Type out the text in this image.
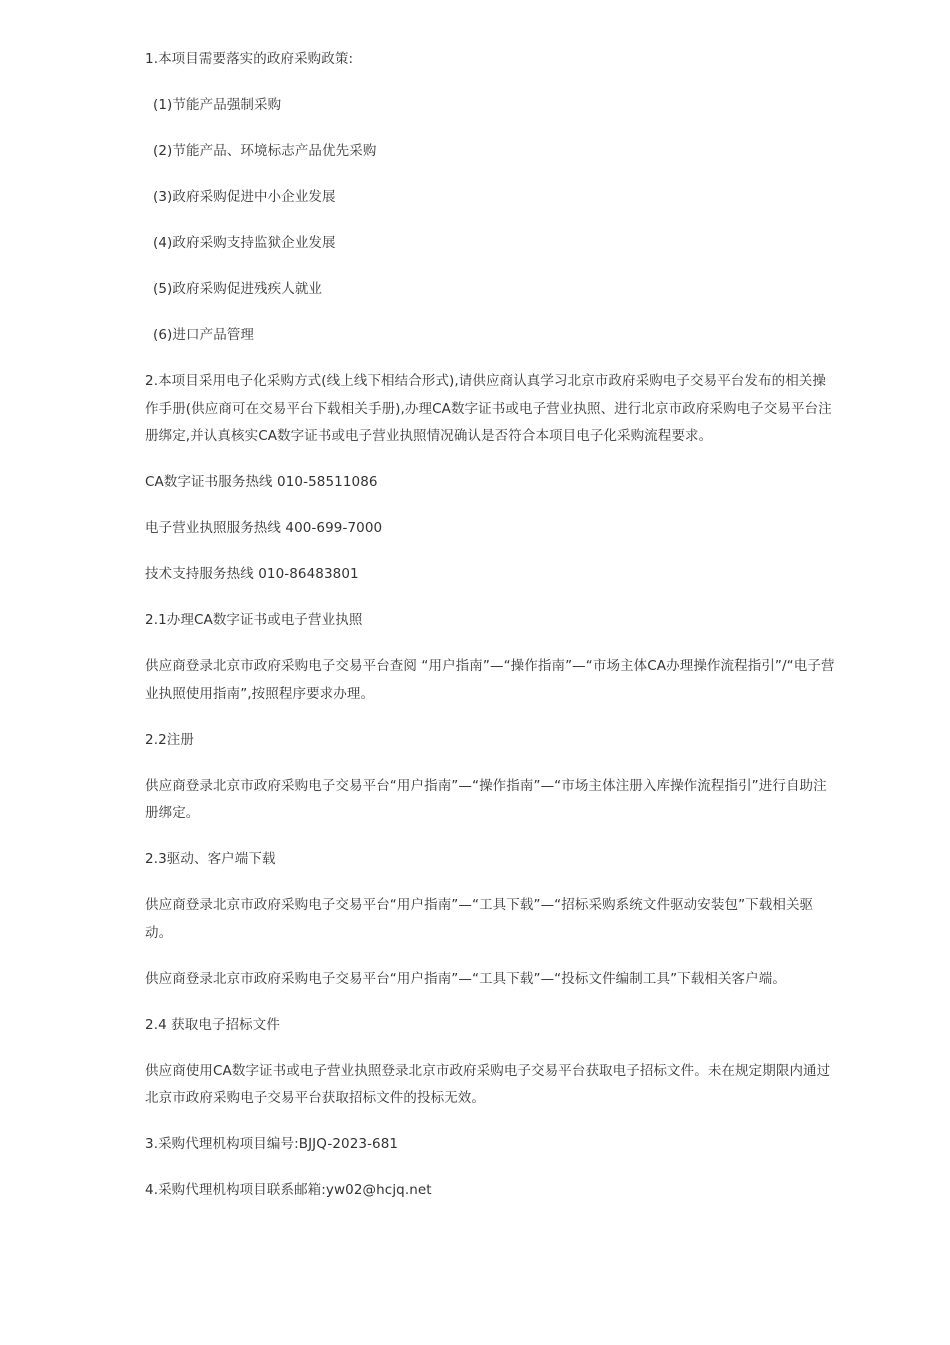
1.本项目需要落实的政府采购政策:

(1)节能产品强制采购

(2)节能产品、环境标志产品优先采购

(3)政府采购促进中小企业发展

(4)政府采购支持监狱企业发展

(5)政府采购促进残疾人就业

(6)进口产品管理

2.本项目采用电子化采购方式(线上线下相结合形式),请供应商认真学习北京市政府采购电子交易平台发布的相关操作手册(供应商可在交易平台下载相关手册),办理CA数字证书或电子营业执照、进行北京市政府采购电子交易平台注册绑定,并认真核实CA数字证书或电子营业执照情况确认是否符合本项目电子化采购流程要求。

CA数字证书服务热线 010-58511086

电子营业执照服务热线 400-699-7000

技术支持服务热线 010-86483801

2.1办理CA数字证书或电子营业执照

供应商登录北京市政府采购电子交易平台查阅 “用户指南”—“操作指南”—“市场主体CA办理操作流程指引”/“电子营业执照使用指南”,按照程序要求办理。

2.2注册

供应商登录北京市政府采购电子交易平台“用户指南”—“操作指南”—“市场主体注册入库操作流程指引”进行自助注册绑定。

2.3驱动、客户端下载

供应商登录北京市政府采购电子交易平台“用户指南”—“工具下载”—“招标采购系统文件驱动安装包”下载相关驱动。

供应商登录北京市政府采购电子交易平台“用户指南”—“工具下载”—“投标文件编制工具”下载相关客户端。

2.4 获取电子招标文件

供应商使用CA数字证书或电子营业执照登录北京市政府采购电子交易平台获取电子招标文件。未在规定期限内通过北京市政府采购电子交易平台获取招标文件的投标无效。

3.采购代理机构项目编号:BJJQ-2023-681

4.采购代理机构项目联系邮箱:yw02@hcjq.net
